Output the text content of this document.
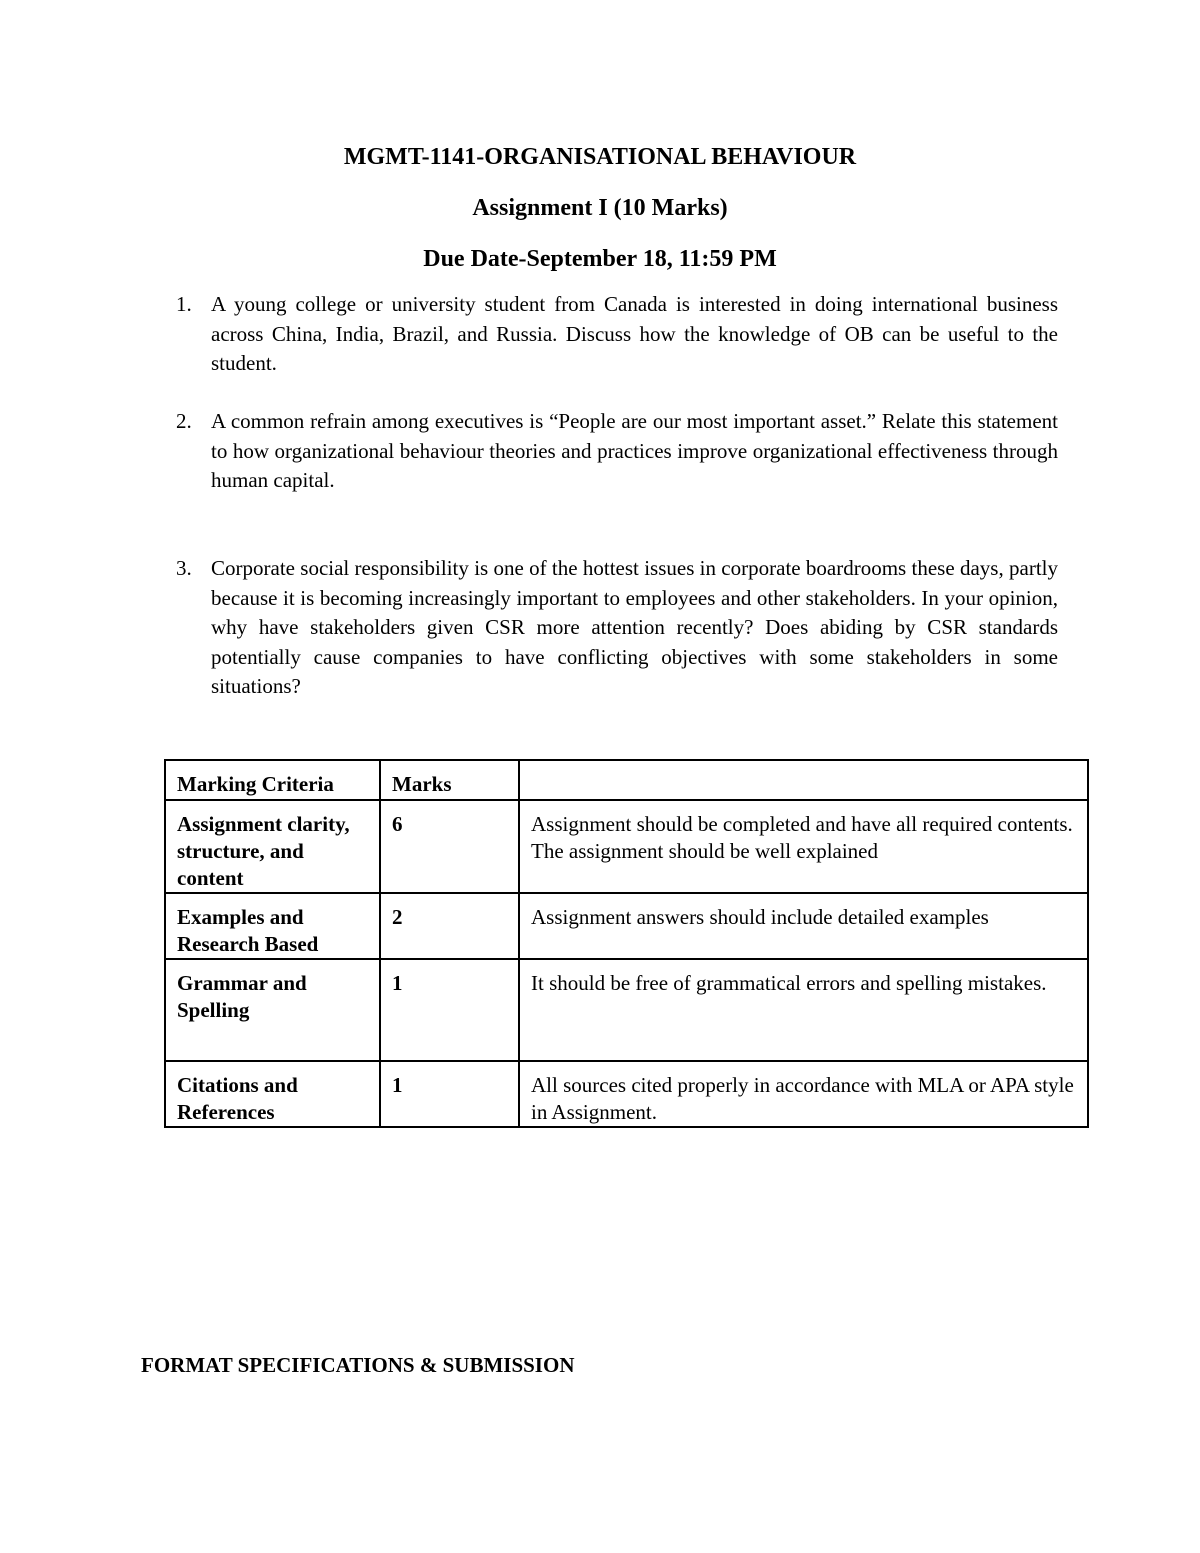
MGMT-1141-ORGANISATIONAL BEHAVIOUR
Assignment I (10 Marks)
Due Date-September 18, 11:59 PM
1. A young college or university student from Canada is interested in doing international business across China, India, Brazil, and Russia. Discuss how the knowledge of OB can be useful to the student.
2. A common refrain among executives is “People are our most important asset.” Relate this statement to how organizational behaviour theories and practices improve organizational effectiveness through human capital.
3. Corporate social responsibility is one of the hottest issues in corporate boardrooms these days, partly because it is becoming increasingly important to employees and other stakeholders. In your opinion, why have stakeholders given CSR more attention recently? Does abiding by CSR standards potentially cause companies to have conflicting objectives with some stakeholders in some situations?
Marking Criteria	Marks	
Assignment clarity, structure, and content	6	Assignment should be completed and have all required contents. The assignment should be well explained
Examples and Research Based	2	Assignment answers should include detailed examples
Grammar and Spelling	1	It should be free of grammatical errors and spelling mistakes.
Citations and References	1	All sources cited properly in accordance with MLA or APA style in Assignment.
FORMAT SPECIFICATIONS & SUBMISSION
